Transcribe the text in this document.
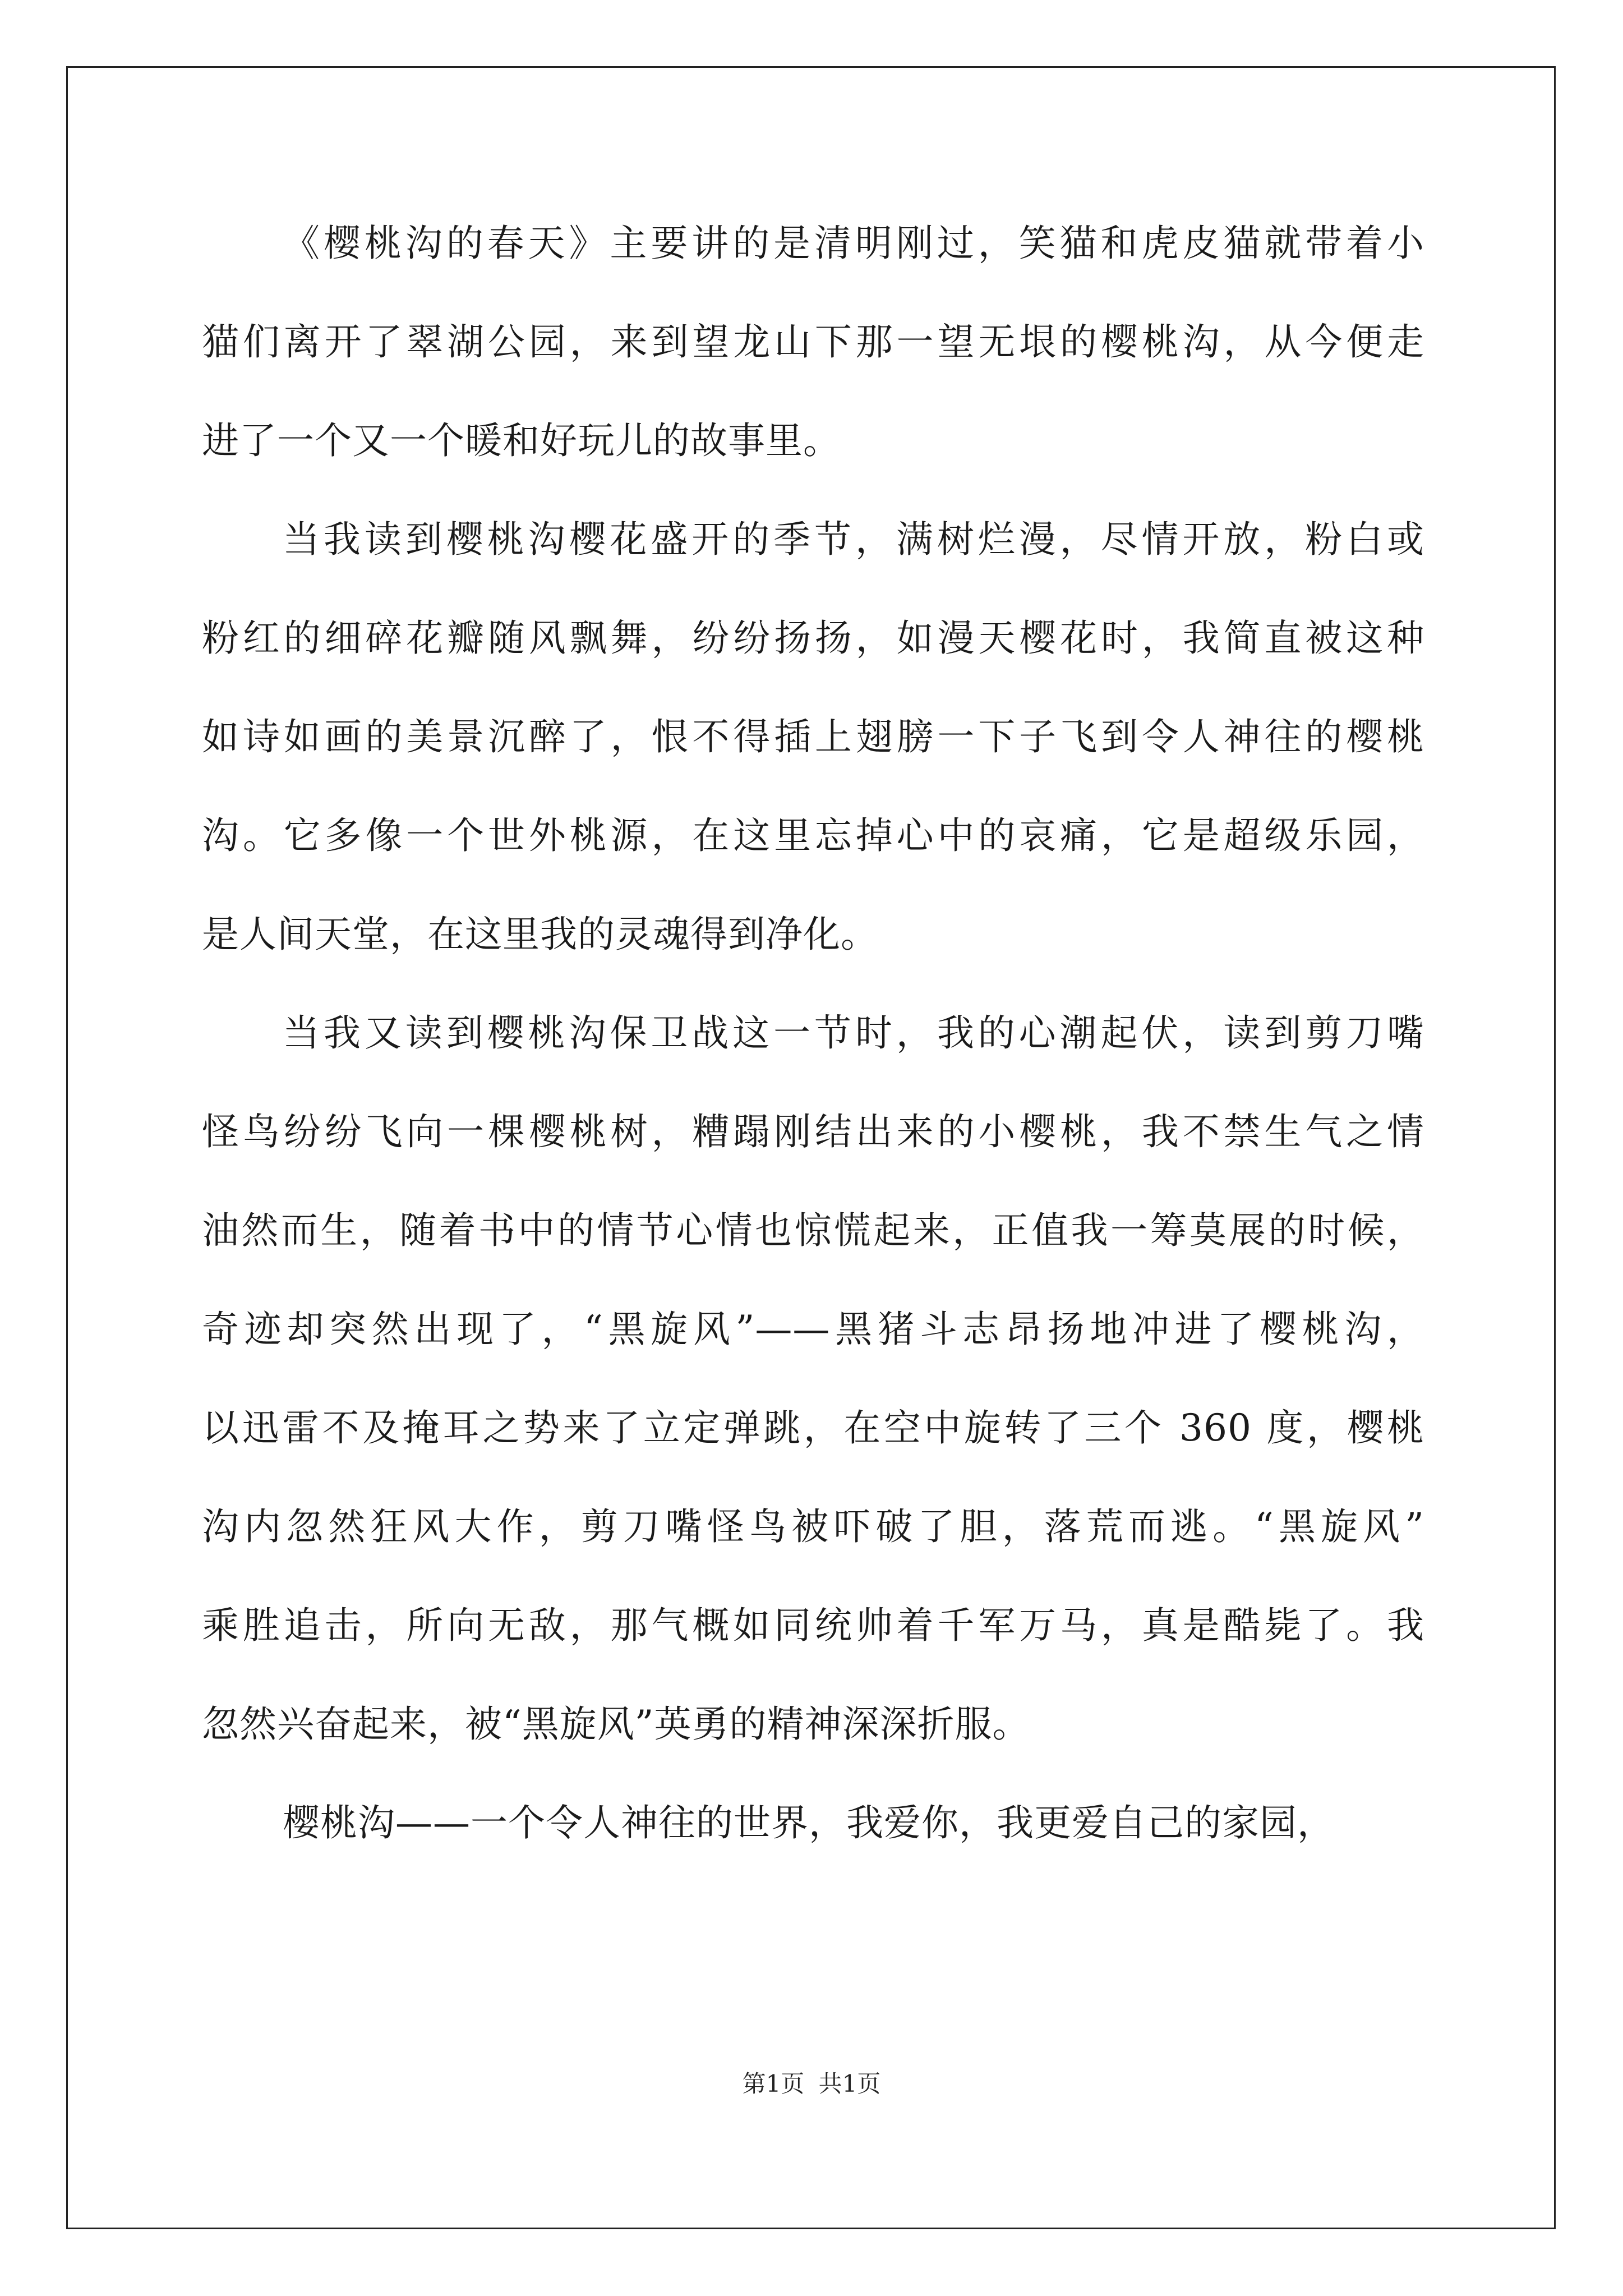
《樱桃沟的春天》主要讲的是清明刚过，笑猫和虎皮猫就带着小
猫们离开了翠湖公园，来到望龙山下那一望无垠的樱桃沟，从今便走
进了一个又一个暖和好玩儿的故事里。
当我读到樱桃沟樱花盛开的季节，满树烂漫，尽情开放，粉白或
粉红的细碎花瓣随风飘舞，纷纷扬扬，如漫天樱花时，我简直被这种
如诗如画的美景沉醉了，恨不得插上翅膀一下子飞到令人神往的樱桃
沟。它多像一个世外桃源，在这里忘掉心中的哀痛，它是超级乐园，
是人间天堂，在这里我的灵魂得到净化。
当我又读到樱桃沟保卫战这一节时，我的心潮起伏，读到剪刀嘴
怪鸟纷纷飞向一棵樱桃树，糟蹋刚结出来的小樱桃，我不禁生气之情
油然而生，随着书中的情节心情也惊慌起来，正值我一筹莫展的时候，
奇迹却突然出现了，“黑旋风”——黑猪斗志昂扬地冲进了樱桃沟，
以迅雷不及掩耳之势来了立定弹跳，在空中旋转了三个 360 度，樱桃
沟内忽然狂风大作，剪刀嘴怪鸟被吓破了胆，落荒而逃。“黑旋风”
乘胜追击，所向无敌，那气概如同统帅着千军万马，真是酷毙了。我
忽然兴奋起来，被“黑旋风”英勇的精神深深折服。
樱桃沟——一个令人神往的世界，我爱你，我更爱自己的家园，
第1页 共1页
